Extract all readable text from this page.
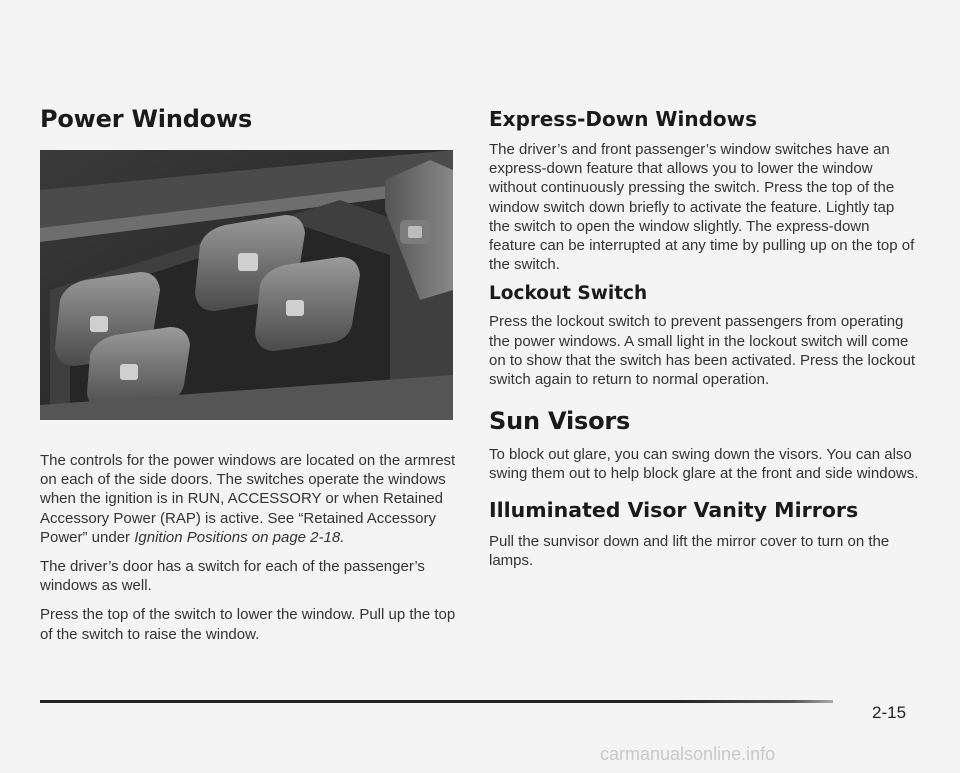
Power Windows

The controls for the power windows are located on the armrest on each of the side doors. The switches operate the windows when the ignition is in RUN, ACCESSORY or when Retained Accessory Power (RAP) is active. See “Retained Accessory Power” under Ignition Positions on page 2-18.

The driver’s door has a switch for each of the passenger’s windows as well.

Press the top of the switch to lower the window. Pull up the top of the switch to raise the window.

Express-Down Windows

The driver’s and front passenger’s window switches have an express-down feature that allows you to lower the window without continuously pressing the switch. Press the top of the window switch down briefly to activate the feature. Lightly tap the switch to open the window slightly. The express-down feature can be interrupted at any time by pulling up on the top of the switch.

Lockout Switch

Press the lockout switch to prevent passengers from operating the power windows. A small light in the lockout switch will come on to show that the switch has been activated. Press the lockout switch again to return to normal operation.

Sun Visors

To block out glare, you can swing down the visors. You can also swing them out to help block glare at the front and side windows.

Illuminated Visor Vanity Mirrors

Pull the sunvisor down and lift the mirror cover to turn on the lamps.

2-15
carmanualsonline.info
